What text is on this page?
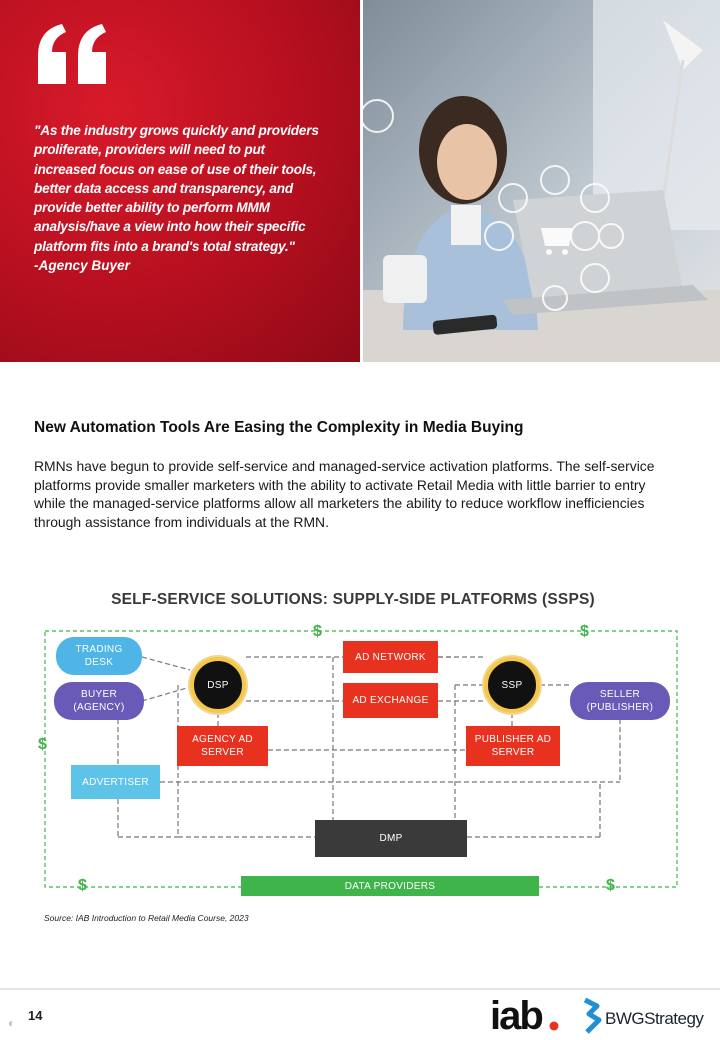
"As the industry grows quickly and providers
proliferate, providers will need to put
increased focus on ease of use of their tools,
better data access and transparency, and
provide better ability to perform MMM
analysis/have a view into how their specific
platform fits into a brand's total strategy."
-Agency Buyer
New Automation Tools Are Easing the Complexity in Media Buying
RMNs have begun to provide self-service and managed-service activation platforms. The self-service platforms provide smaller marketers with the ability to activate Retail Media with little barrier to entry while the managed-service platforms allow all marketers the ability to reduce workflow inefficiencies through assistance from individuals at the RMN.
SELF-SERVICE SOLUTIONS: SUPPLY-SIDE PLATFORMS (SSPS)
TRADING
DESK
BUYER
(AGENCY)
DSP
AD NETWORK
AD EXCHANGE
SSP
SELLER
(PUBLISHER)
AGENCY AD
SERVER
PUBLISHER AD
SERVER
ADVERTISER
DMP
DATA PROVIDERS
$	$
$
$	$
Source: IAB Introduction to Retail Media Course, 2023
14
◐	iab	BWGStrategy
